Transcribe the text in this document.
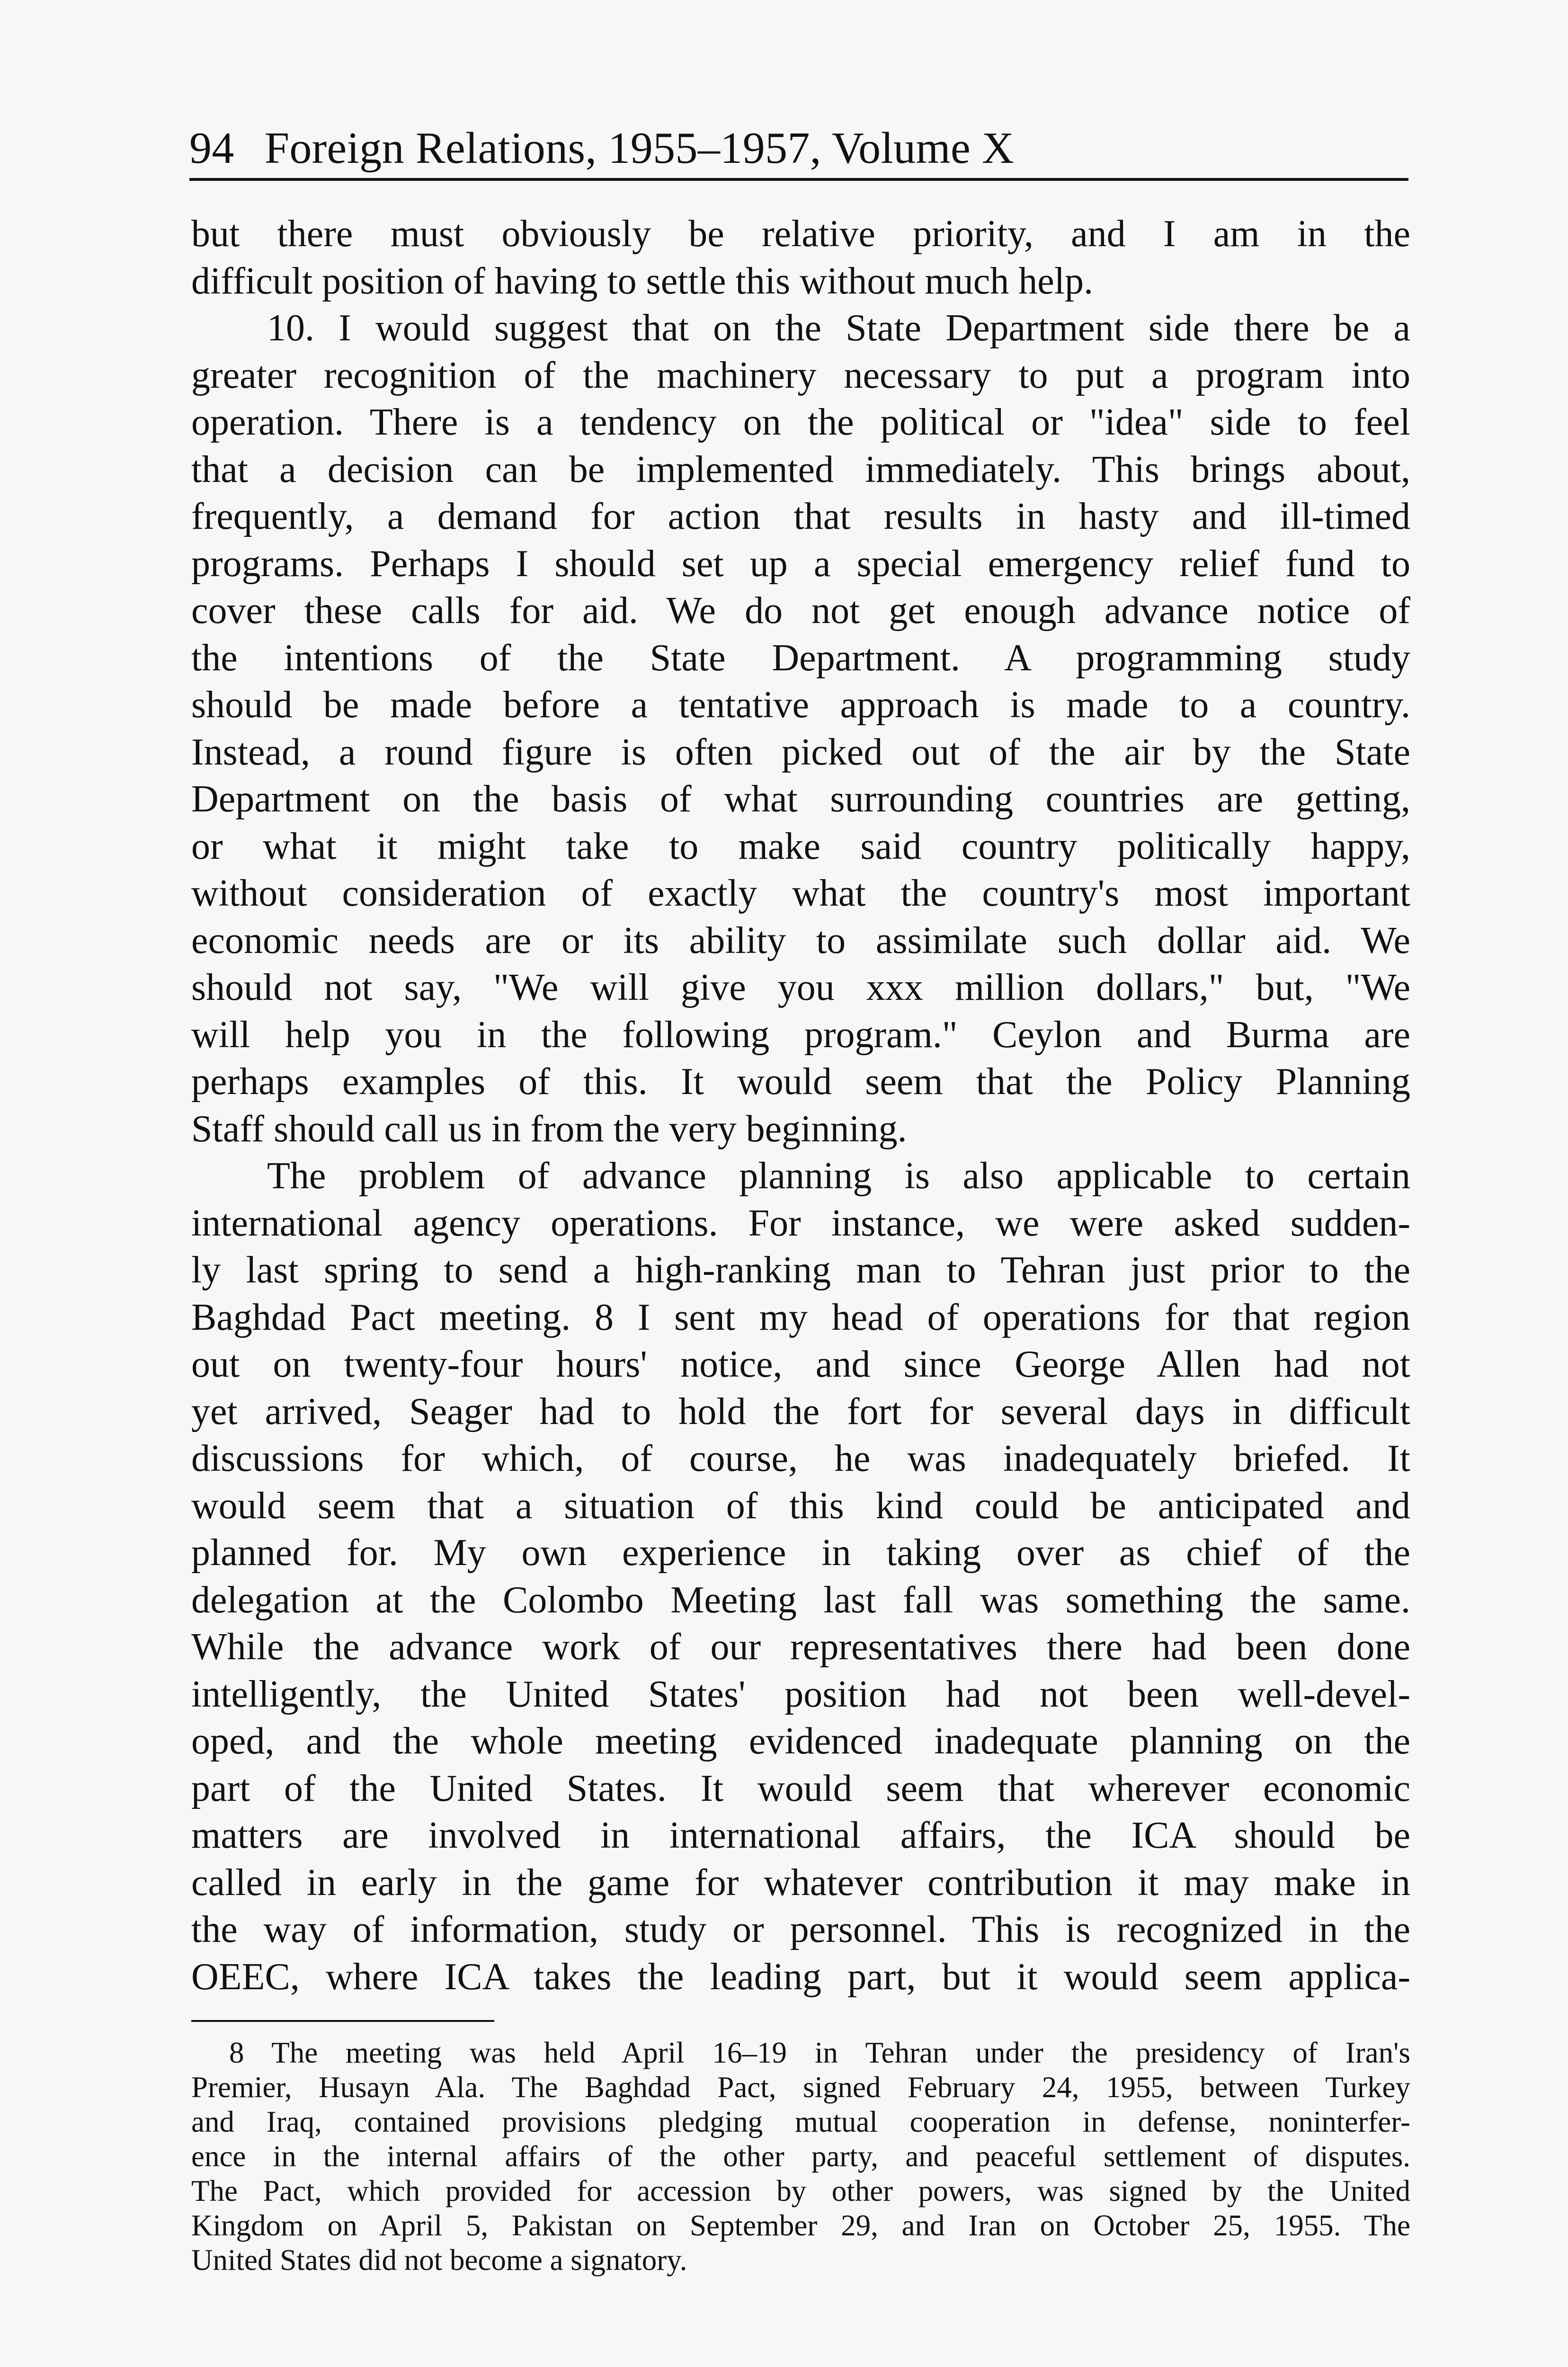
94 Foreign Relations, 1955–1957, Volume X

but there must obviously be relative priority, and I am in the

difficult position of having to settle this without much help.

10. I would suggest that on the State Department side there be a

greater recognition of the machinery necessary to put a program into

operation. There is a tendency on the political or "idea" side to feel

that a decision can be implemented immediately. This brings about,

frequently, a demand for action that results in hasty and ill-timed

programs. Perhaps I should set up a special emergency relief fund to

cover these calls for aid. We do not get enough advance notice of

the intentions of the State Department. A programming study

should be made before a tentative approach is made to a country.

Instead, a round figure is often picked out of the air by the State

Department on the basis of what surrounding countries are getting,

or what it might take to make said country politically happy,

without consideration of exactly what the country's most important

economic needs are or its ability to assimilate such dollar aid. We

should not say, "We will give you xxx million dollars," but, "We

will help you in the following program." Ceylon and Burma are

perhaps examples of this. It would seem that the Policy Planning

Staff should call us in from the very beginning.

The problem of advance planning is also applicable to certain

international agency operations. For instance, we were asked sudden-

ly last spring to send a high-ranking man to Tehran just prior to the

Baghdad Pact meeting. 8 I sent my head of operations for that region

out on twenty-four hours' notice, and since George Allen had not

yet arrived, Seager had to hold the fort for several days in difficult

discussions for which, of course, he was inadequately briefed. It

would seem that a situation of this kind could be anticipated and

planned for. My own experience in taking over as chief of the

delegation at the Colombo Meeting last fall was something the same.

While the advance work of our representatives there had been done

intelligently, the United States' position had not been well-devel-

oped, and the whole meeting evidenced inadequate planning on the

part of the United States. It would seem that wherever economic

matters are involved in international affairs, the ICA should be

called in early in the game for whatever contribution it may make in

the way of information, study or personnel. This is recognized in the

OEEC, where ICA takes the leading part, but it would seem applica-

8 The meeting was held April 16–19 in Tehran under the presidency of Iran's

Premier, Husayn Ala. The Baghdad Pact, signed February 24, 1955, between Turkey

and Iraq, contained provisions pledging mutual cooperation in defense, noninterfer-

ence in the internal affairs of the other party, and peaceful settlement of disputes.

The Pact, which provided for accession by other powers, was signed by the United

Kingdom on April 5, Pakistan on September 29, and Iran on October 25, 1955. The

United States did not become a signatory.
